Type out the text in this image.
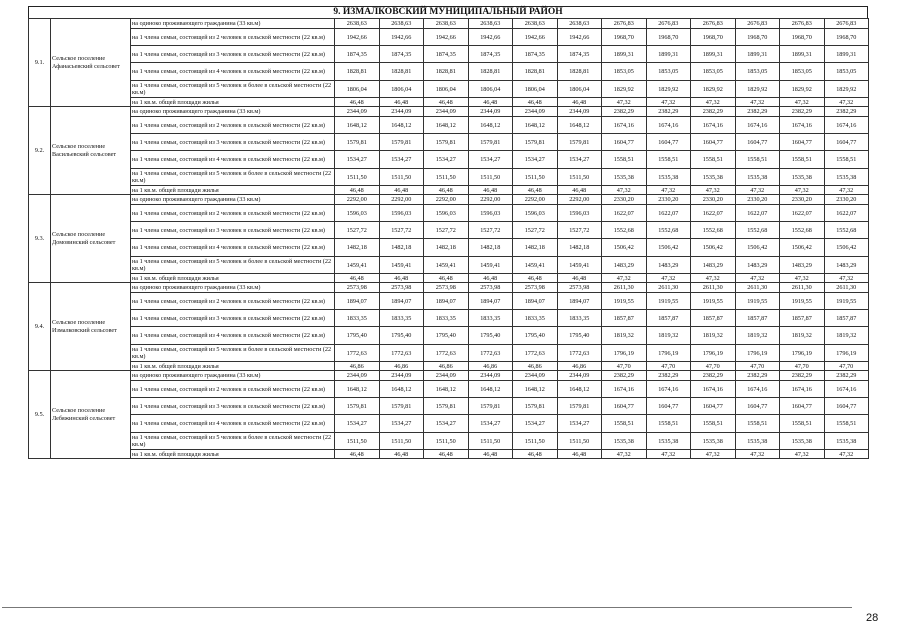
9. ИЗМАЛКОВСКИЙ МУНИЦИПАЛЬНЫЙ РАЙОН
9.1.	Сельское поселение Афанасьевский сельсовет	на одиноко проживающего гражданина (33 кв.м)	2638,63	2638,63	2638,63	2638,63	2638,63	2638,63	2676,83	2676,83	2676,83	2676,83	2676,83	2676,83
		на 1 члена семьи, состоящей из 2 человек в сельской местности (22 кв.м)	1942,66	1942,66	1942,66	1942,66	1942,66	1942,66	1968,70	1968,70	1968,70	1968,70	1968,70	1968,70
		на 1 члена семьи, состоящей из 3 человек в сельской местности (22 кв.м)	1874,35	1874,35	1874,35	1874,35	1874,35	1874,35	1899,31	1899,31	1899,31	1899,31	1899,31	1899,31
		на 1 члена семьи, состоящей из 4 человек в сельской местности (22 кв.м)	1828,81	1828,81	1828,81	1828,81	1828,81	1828,81	1853,05	1853,05	1853,05	1853,05	1853,05	1853,05
		на 1 члена семьи, состоящей из 5 человек и более в сельской местности (22 кв.м)	1806,04	1806,04	1806,04	1806,04	1806,04	1806,04	1829,92	1829,92	1829,92	1829,92	1829,92	1829,92
		на 1 кв.м. общей площади жилья	46,48	46,48	46,48	46,48	46,48	46,48	47,32	47,32	47,32	47,32	47,32	47,32
9.2.	Сельское поселение Васильевский сельсовет	на одиноко проживающего гражданина (33 кв.м)	2344,09	2344,09	2344,09	2344,09	2344,09	2344,09	2382,29	2382,29	2382,29	2382,29	2382,29	2382,29
		на 1 члена семьи, состоящей из 2 человек в сельской местности (22 кв.м)	1648,12	1648,12	1648,12	1648,12	1648,12	1648,12	1674,16	1674,16	1674,16	1674,16	1674,16	1674,16
		на 1 члена семьи, состоящей из 3 человек в сельской местности (22 кв.м)	1579,81	1579,81	1579,81	1579,81	1579,81	1579,81	1604,77	1604,77	1604,77	1604,77	1604,77	1604,77
		на 1 члена семьи, состоящей из 4 человек в сельской местности (22 кв.м)	1534,27	1534,27	1534,27	1534,27	1534,27	1534,27	1558,51	1558,51	1558,51	1558,51	1558,51	1558,51
		на 1 члена семьи, состоящей из 5 человек и более в сельской местности (22 кв.м)	1511,50	1511,50	1511,50	1511,50	1511,50	1511,50	1535,38	1535,38	1535,38	1535,38	1535,38	1535,38
		на 1 кв.м. общей площади жилья	46,48	46,48	46,48	46,48	46,48	46,48	47,32	47,32	47,32	47,32	47,32	47,32
9.3.	Сельское поселение Домовинский сельсовет	на одиноко проживающего гражданина (33 кв.м)	2292,00	2292,00	2292,00	2292,00	2292,00	2292,00	2330,20	2330,20	2330,20	2330,20	2330,20	2330,20
		на 1 члена семьи, состоящей из 2 человек в сельской местности (22 кв.м)	1596,03	1596,03	1596,03	1596,03	1596,03	1596,03	1622,07	1622,07	1622,07	1622,07	1622,07	1622,07
		на 1 члена семьи, состоящей из 3 человек в сельской местности (22 кв.м)	1527,72	1527,72	1527,72	1527,72	1527,72	1527,72	1552,68	1552,68	1552,68	1552,68	1552,68	1552,68
		на 1 члена семьи, состоящей из 4 человек в сельской местности (22 кв.м)	1482,18	1482,18	1482,18	1482,18	1482,18	1482,18	1506,42	1506,42	1506,42	1506,42	1506,42	1506,42
		на 1 члена семьи, состоящей из 5 человек и более в сельской местности (22 кв.м)	1459,41	1459,41	1459,41	1459,41	1459,41	1459,41	1483,29	1483,29	1483,29	1483,29	1483,29	1483,29
		на 1 кв.м. общей площади жилья	46,48	46,48	46,48	46,48	46,48	46,48	47,32	47,32	47,32	47,32	47,32	47,32
9.4.	Сельское поселение Измалковский сельсовет	на одиноко проживающего гражданина (33 кв.м)	2573,98	2573,98	2573,98	2573,98	2573,98	2573,98	2611,30	2611,30	2611,30	2611,30	2611,30	2611,30
		на 1 члена семьи, состоящей из 2 человек в сельской местности (22 кв.м)	1894,07	1894,07	1894,07	1894,07	1894,07	1894,07	1919,55	1919,55	1919,55	1919,55	1919,55	1919,55
		на 1 члена семьи, состоящей из 3 человек в сельской местности (22 кв.м)	1833,35	1833,35	1833,35	1833,35	1833,35	1833,35	1857,87	1857,87	1857,87	1857,87	1857,87	1857,87
		на 1 члена семьи, состоящей из 4 человек в сельской местности (22 кв.м)	1795,40	1795,40	1795,40	1795,40	1795,40	1795,40	1819,32	1819,32	1819,32	1819,32	1819,32	1819,32
		на 1 члена семьи, состоящей из 5 человек и более в сельской местности (22 кв.м)	1772,63	1772,63	1772,63	1772,63	1772,63	1772,63	1796,19	1796,19	1796,19	1796,19	1796,19	1796,19
		на 1 кв.м. общей площади жилья	46,86	46,86	46,86	46,86	46,86	46,86	47,70	47,70	47,70	47,70	47,70	47,70
9.5.	Сельское поселение Лебяжинский сельсовет	на одиноко проживающего гражданина (33 кв.м)	2344,09	2344,09	2344,09	2344,09	2344,09	2344,09	2382,29	2382,29	2382,29	2382,29	2382,29	2382,29
		на 1 члена семьи, состоящей из 2 человек в сельской местности (22 кв.м)	1648,12	1648,12	1648,12	1648,12	1648,12	1648,12	1674,16	1674,16	1674,16	1674,16	1674,16	1674,16
		на 1 члена семьи, состоящей из 3 человек в сельской местности (22 кв.м)	1579,81	1579,81	1579,81	1579,81	1579,81	1579,81	1604,77	1604,77	1604,77	1604,77	1604,77	1604,77
		на 1 члена семьи, состоящей из 4 человек в сельской местности (22 кв.м)	1534,27	1534,27	1534,27	1534,27	1534,27	1534,27	1558,51	1558,51	1558,51	1558,51	1558,51	1558,51
		на 1 члена семьи, состоящей из 5 человек и более в сельской местности (22 кв.м)	1511,50	1511,50	1511,50	1511,50	1511,50	1511,50	1535,38	1535,38	1535,38	1535,38	1535,38	1535,38
		на 1 кв.м. общей площади жилья	46,48	46,48	46,48	46,48	46,48	46,48	47,32	47,32	47,32	47,32	47,32	47,32
28
